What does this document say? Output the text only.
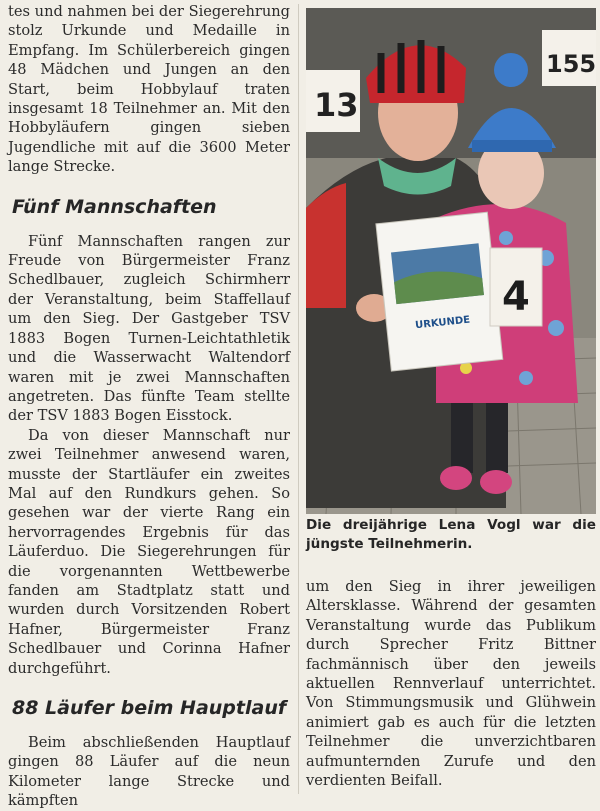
tes und nahmen bei der Siegerehrung stolz Urkunde und Medaille in Empfang. Im Schülerbereich gingen 48 Mädchen und Jungen an den Start, beim Hobbylauf traten insgesamt 18 Teilnehmer an. Mit den Hobbyläufern gingen sieben Jugendliche mit auf die 3600 Meter lange Strecke.

Fünf Mannschaften

Fünf Mannschaften rangen zur Freude von Bürgermeister Franz Schedlbauer, zugleich Schirmherr der Veranstaltung, beim Staffellauf um den Sieg. Der Gastgeber TSV 1883 Bogen Turnen-Leichtathletik und die Wasserwacht Waltendorf waren mit je zwei Mannschaften angetreten. Das fünfte Team stellte der TSV 1883 Bogen Eisstock.

Da von dieser Mannschaft nur zwei Teilnehmer anwesend waren, musste der Startläufer ein zweites Mal auf den Rundkurs gehen. So gesehen war der vierte Rang ein hervorragendes Ergebnis für das Läuferduo. Die Siegerehrungen für die vorgenannten Wettbewerbe fanden am Stadtplatz statt und wurden durch Vorsitzenden Robert Hafner, Bürgermeister Franz Schedlbauer und Corinna Hafner durchgeführt.

88 Läufer beim Hauptlauf

Beim abschließenden Hauptlauf gingen 88 Läufer auf die neun Kilometer lange Strecke und kämpften

13
155
URKUNDE
4
Die dreijährige Lena Vogl war die jüngste Teilnehmerin.

um den Sieg in ihrer jeweiligen Altersklasse. Während der gesamten Veranstaltung wurde das Publikum durch Sprecher Fritz Bittner fachmännisch über den jeweils aktuellen Rennverlauf unterrichtet. Von Stimmungsmusik und Glühwein animiert gab es auch für die letzten Teilnehmer die unverzichtbaren aufmunternden Zurufe und den verdienten Beifall.
